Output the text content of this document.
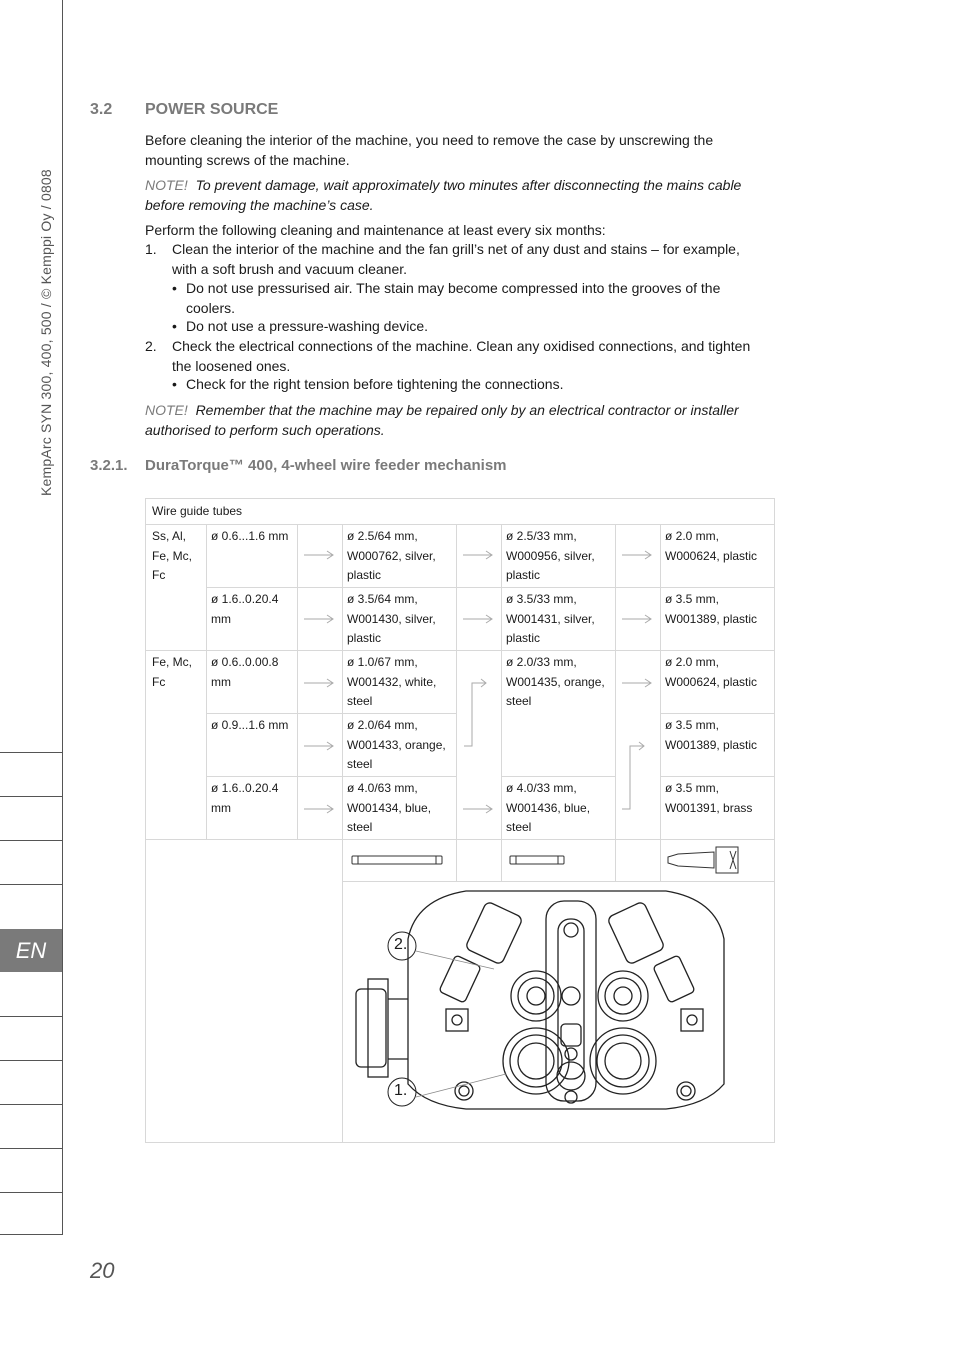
KempArc SYN 300, 400, 500 / © Kemppi Oy / 0808
EN
20
3.2 POWER SOURCE
Before cleaning the interior of the machine, you need to remove the case by unscrewing the mounting screws of the machine.
NOTE! To prevent damage, wait approximately two minutes after disconnecting the mains cable before removing the machine’s case.
Perform the following cleaning and maintenance at least every six months:
1. Clean the interior of the machine and the fan grill’s net of any dust and stains – for example, with a soft brush and vacuum cleaner.
• Do not use pressurised air. The stain may become compressed into the grooves of the coolers.
• Do not use a pressure-washing device.
2. Check the electrical connections of the machine. Clean any oxidised connections, and tighten the loosened ones.
• Check for the right tension before tightening the connections.
NOTE! Remember that the machine may be repaired only by an electrical contractor or installer authorised to perform such operations.
3.2.1. DuraTorque™ 400, 4-wheel wire feeder mechanism
Wire guide tubes
Ss, Al, Fe, Mc, Fc
Fe, Mc, Fc
ø 0.6...1.6 mm	ø 2.5/64 mm, W000762, silver, plastic
ø 2.5/33 mm, W000956, silver, plastic
ø 2.0 mm, W000624, plastic
ø 1.6..0.20.4 mm
ø 3.5/64 mm, W001430, silver, plastic
ø 3.5/33 mm, W001431, silver, plastic
ø 3.5 mm, W001389, plastic
ø 0.6..0.00.8 mm
ø 1.0/67 mm, W001432, white, steel
ø 2.0/33 mm, W001435, orange, steel
ø 2.0 mm, W000624, plastic
ø 0.9...1.6 mm	ø 2.0/64 mm, W001433, orange, steel
ø 3.5 mm, W001389, plastic
ø 1.6..0.20.4 mm
ø 4.0/63 mm, W001434, blue, steel
ø 4.0/33 mm, W001436, blue, steel
ø 3.5 mm, W001391, brass
2.
1.
